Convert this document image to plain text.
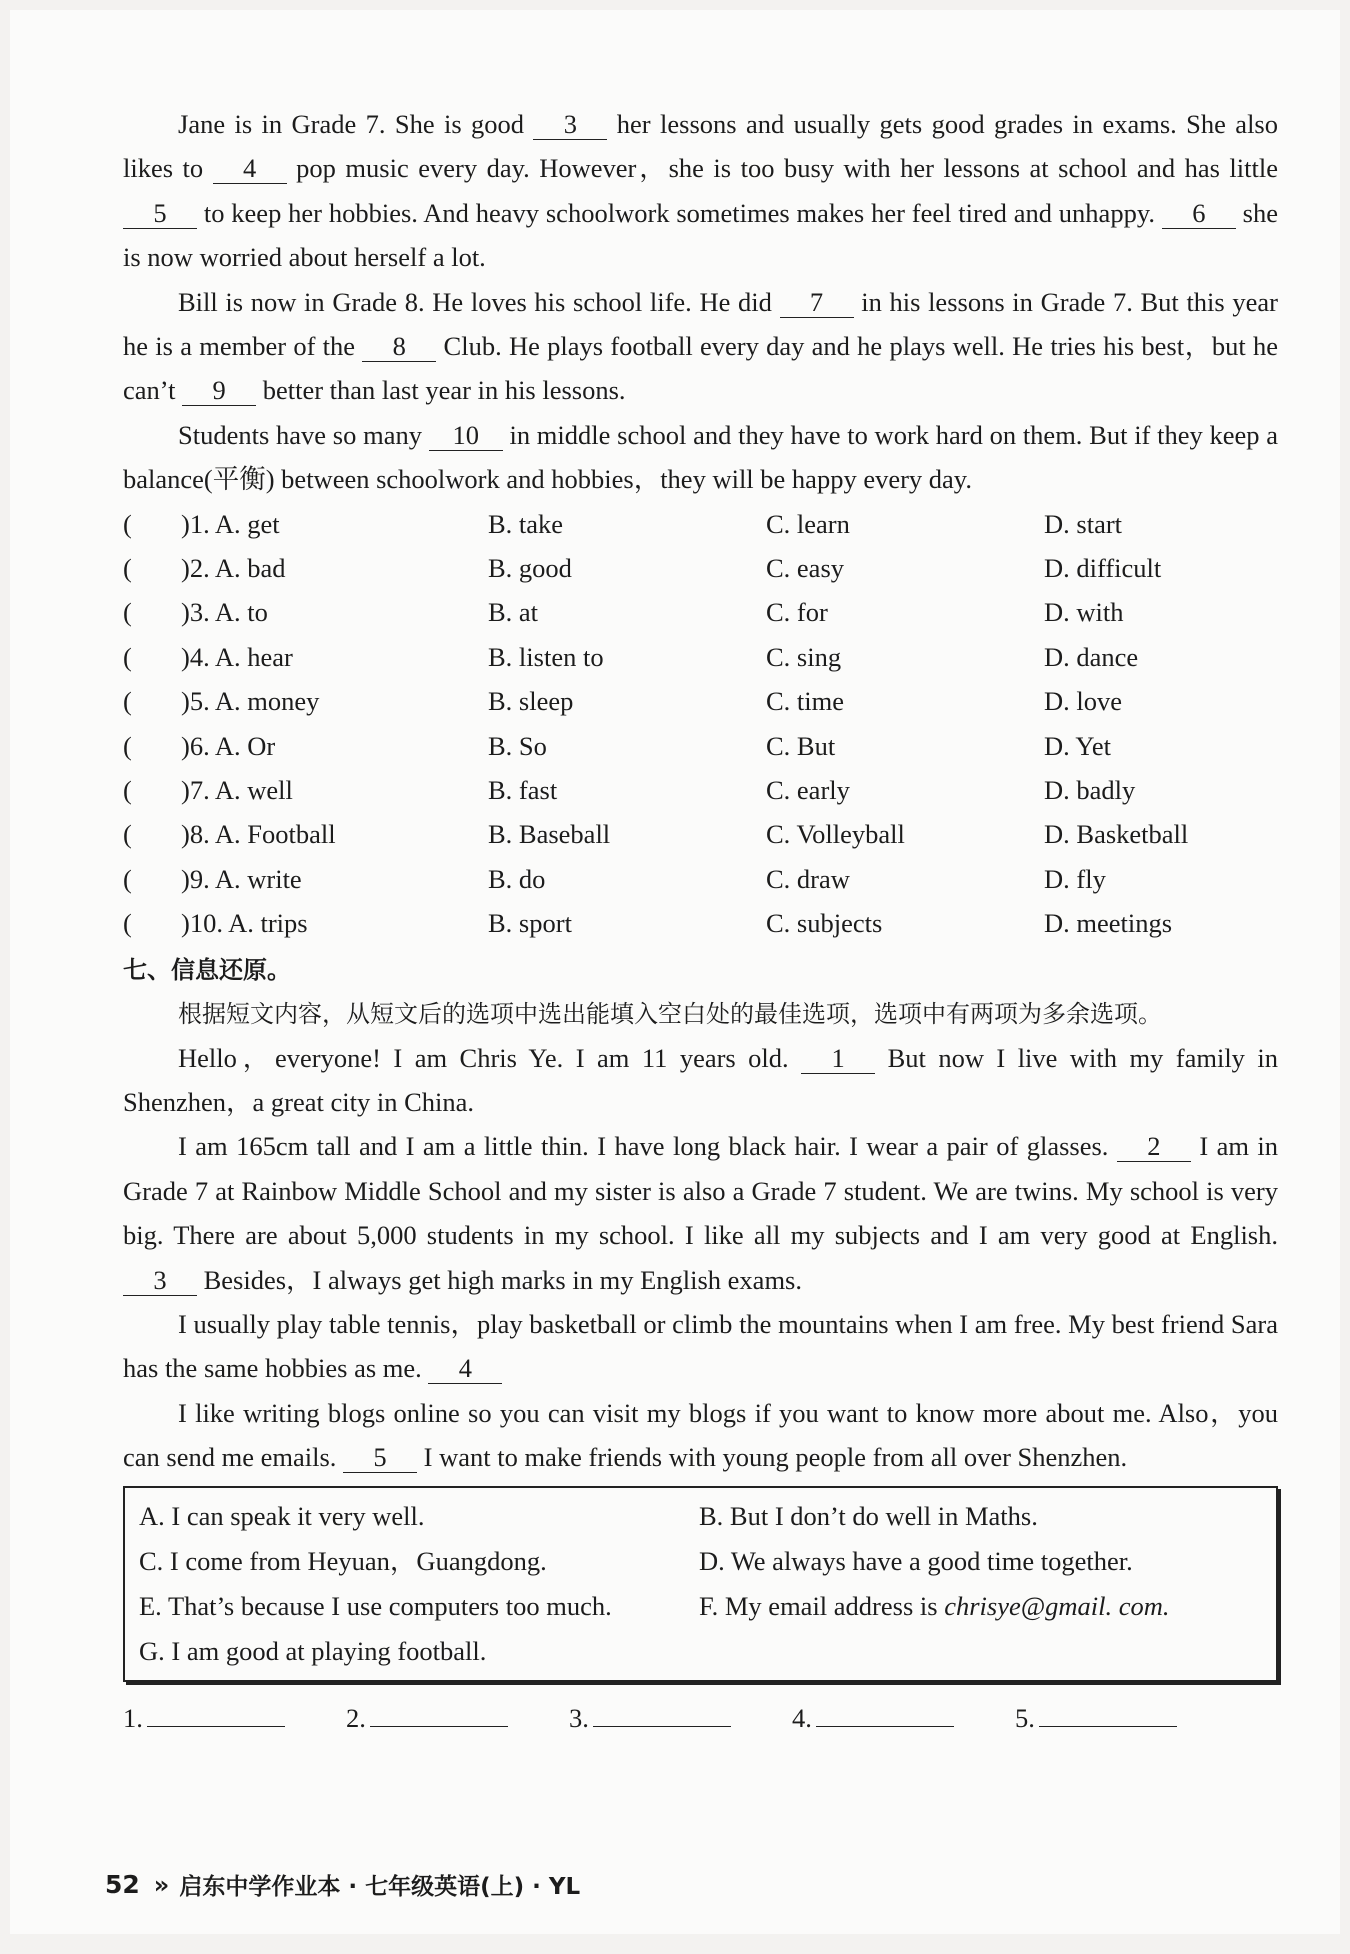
Jane is in Grade 7. She is good 3 her lessons and usually gets good grades in exams. She also likes to 4 pop music every day. However，she is too busy with her lessons at school and has little 5 to keep her hobbies. And heavy schoolwork sometimes makes her feel tired and unhappy. 6 she is now worried about herself a lot.

Bill is now in Grade 8. He loves his school life. He did 7 in his lessons in Grade 7. But this year he is a member of the 8 Club. He plays football every day and he plays well. He tries his best，but he can’t 9 better than last year in his lessons.

Students have so many 10 in middle school and they have to work hard on them. But if they keep a balance(平衡) between schoolwork and hobbies，they will be happy every day.

( )1. A. get	B. take	C. learn	D. start
( )2. A. bad	B. good	C. easy	D. difficult
( )3. A. to	B. at	C. for	D. with
( )4. A. hear	B. listen to	C. sing	D. dance
( )5. A. money	B. sleep	C. time	D. love
( )6. A. Or	B. So	C. But	D. Yet
( )7. A. well	B. fast	C. early	D. badly
( )8. A. Football	B. Baseball	C. Volleyball	D. Basketball
( )9. A. write	B. do	C. draw	D. fly
( )10. A. trips	B. sport	C. subjects	D. meetings
七、信息还原。

根据短文内容，从短文后的选项中选出能填入空白处的最佳选项，选项中有两项为多余选项。

Hello，everyone! I am Chris Ye. I am 11 years old. 1 But now I live with my family in Shenzhen，a great city in China.

I am 165cm tall and I am a little thin. I have long black hair. I wear a pair of glasses. 2 I am in Grade 7 at Rainbow Middle School and my sister is also a Grade 7 student. We are twins. My school is very big. There are about 5,000 students in my school. I like all my subjects and I am very good at English. 3 Besides，I always get high marks in my English exams.

I usually play table tennis，play basketball or climb the mountains when I am free. My best friend Sara has the same hobbies as me. 4

I like writing blogs online so you can visit my blogs if you want to know more about me. Also，you can send me emails. 5 I want to make friends with young people from all over Shenzhen.

A. I can speak it very well.	B. But I don’t do well in Maths.
C. I come from Heyuan，Guangdong.	D. We always have a good time together.
E. That’s because I use computers too much.	F. My email address is chrisye@gmail. com.
G. I am good at playing football.
1.	2.	3.	4.	5.
52 » 启东中学作业本 · 七年级英语(上) · YL
